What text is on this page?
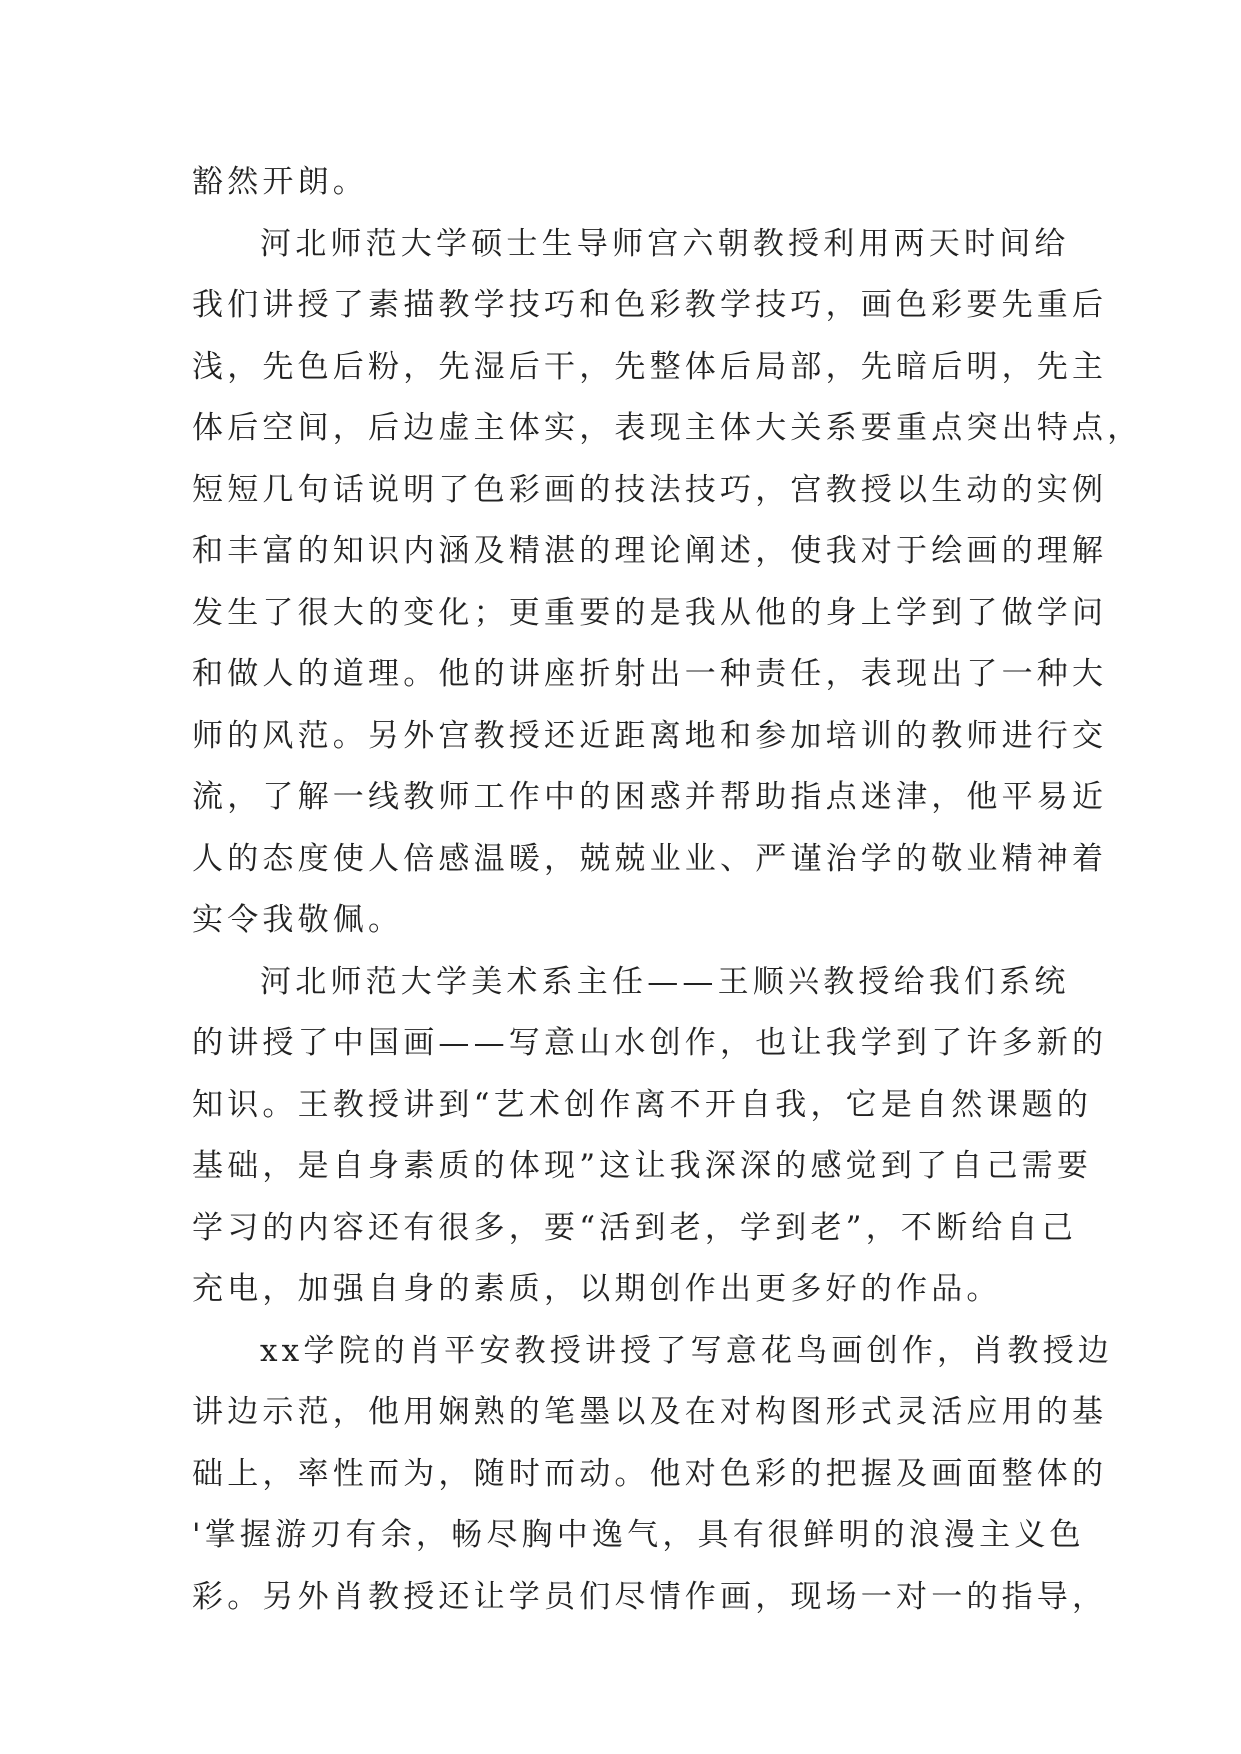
豁然开朗。
河北师范大学硕士生导师宫六朝教授利用两天时间给
我们讲授了素描教学技巧和色彩教学技巧，画色彩要先重后
浅，先色后粉，先湿后干，先整体后局部，先暗后明，先主
体后空间，后边虚主体实，表现主体大关系要重点突出特点，
短短几句话说明了色彩画的技法技巧，宫教授以生动的实例
和丰富的知识内涵及精湛的理论阐述，使我对于绘画的理解
发生了很大的变化；更重要的是我从他的身上学到了做学问
和做人的道理。他的讲座折射出一种责任，表现出了一种大
师的风范。另外宫教授还近距离地和参加培训的教师进行交
流，了解一线教师工作中的困惑并帮助指点迷津，他平易近
人的态度使人倍感温暖，兢兢业业、严谨治学的敬业精神着
实令我敬佩。
河北师范大学美术系主任——王顺兴教授给我们系统
的讲授了中国画——写意山水创作，也让我学到了许多新的
知识。王教授讲到“艺术创作离不开自我，它是自然课题的
基础，是自身素质的体现”这让我深深的感觉到了自己需要
学习的内容还有很多，要“活到老，学到老”，不断给自己
充电，加强自身的素质，以期创作出更多好的作品。
xx学院的肖平安教授讲授了写意花鸟画创作，肖教授边
讲边示范，他用娴熟的笔墨以及在对构图形式灵活应用的基
础上，率性而为，随时而动。他对色彩的把握及画面整体的
'掌握游刃有余，畅尽胸中逸气，具有很鲜明的浪漫主义色
彩。另外肖教授还让学员们尽情作画，现场一对一的指导，
